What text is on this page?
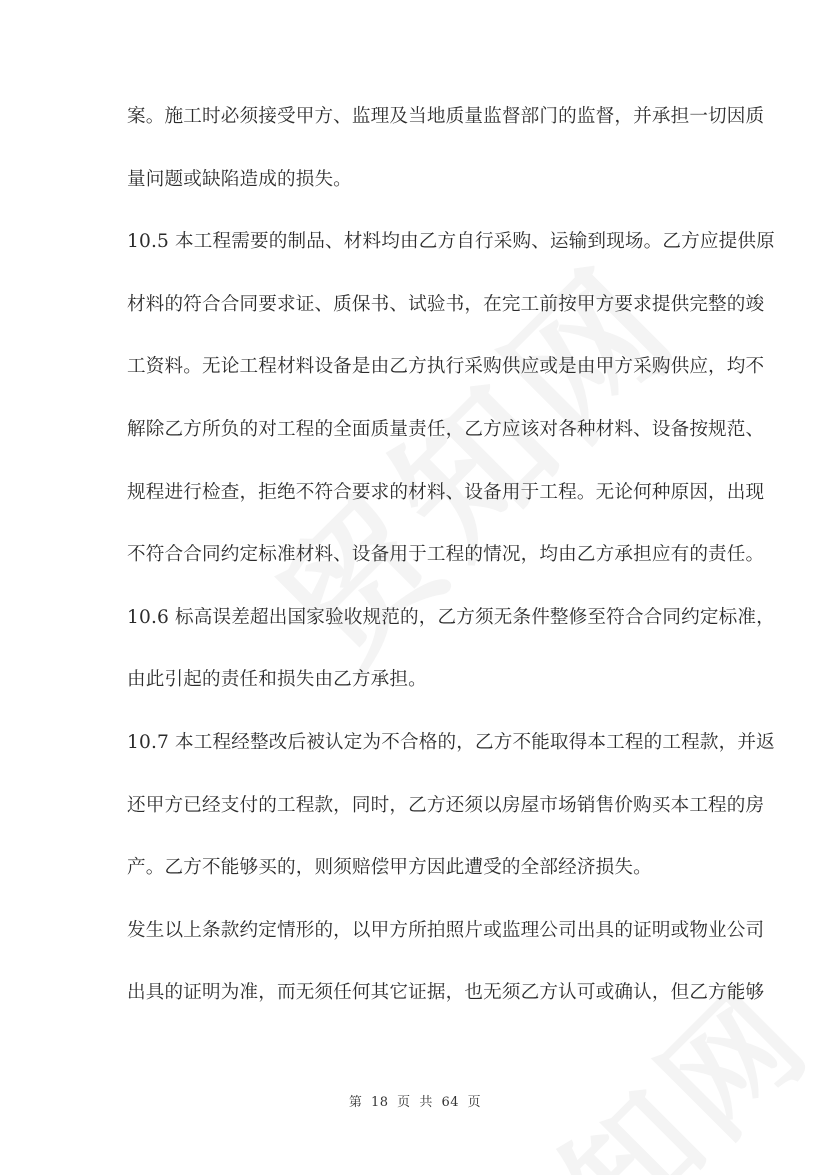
案。施工时必须接受甲方、监理及当地质量监督部门的监督，并承担一切因质
量问题或缺陷造成的损失。
10.5 本工程需要的制品、材料均由乙方自行采购、运输到现场。乙方应提供原
材料的符合合同要求证、质保书、试验书，在完工前按甲方要求提供完整的竣
工资料。无论工程材料设备是由乙方执行采购供应或是由甲方采购供应，均不
解除乙方所负的对工程的全面质量责任，乙方应该对各种材料、设备按规范、
规程进行检查，拒绝不符合要求的材料、设备用于工程。无论何种原因，出现
不符合合同约定标准材料、设备用于工程的情况，均由乙方承担应有的责任。
10.6 标高误差超出国家验收规范的，乙方须无条件整修至符合合同约定标准，
由此引起的责任和损失由乙方承担。
10.7 本工程经整改后被认定为不合格的，乙方不能取得本工程的工程款，并返
还甲方已经支付的工程款，同时，乙方还须以房屋市场销售价购买本工程的房
产。乙方不能够买的，则须赔偿甲方因此遭受的全部经济损失。
发生以上条款约定情形的，以甲方所拍照片或监理公司出具的证明或物业公司
出具的证明为准，而无须任何其它证据，也无须乙方认可或确认，但乙方能够
第 18 页 共 64 页
